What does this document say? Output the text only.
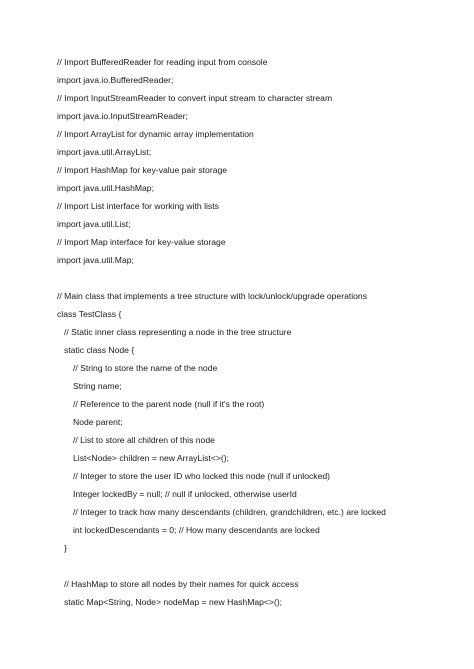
// Import BufferedReader for reading input from console
import java.io.BufferedReader;
// Import InputStreamReader to convert input stream to character stream
import java.io.InputStreamReader;
// Import ArrayList for dynamic array implementation
import java.util.ArrayList;
// Import HashMap for key-value pair storage
import java.util.HashMap;
// Import List interface for working with lists
import java.util.List;
// Import Map interface for key-value storage
import java.util.Map;
// Main class that implements a tree structure with lock/unlock/upgrade operations
class TestClass {
// Static inner class representing a node in the tree structure
static class Node {
// String to store the name of the node
String name;
// Reference to the parent node (null if it's the root)
Node parent;
// List to store all children of this node
List<Node> children = new ArrayList<>();
// Integer to store the user ID who locked this node (null if unlocked)
Integer lockedBy = null; // null if unlocked, otherwise userId
// Integer to track how many descendants (children, grandchildren, etc.) are locked
int lockedDescendants = 0; // How many descendants are locked
}
// HashMap to store all nodes by their names for quick access
static Map<String, Node> nodeMap = new HashMap<>();
